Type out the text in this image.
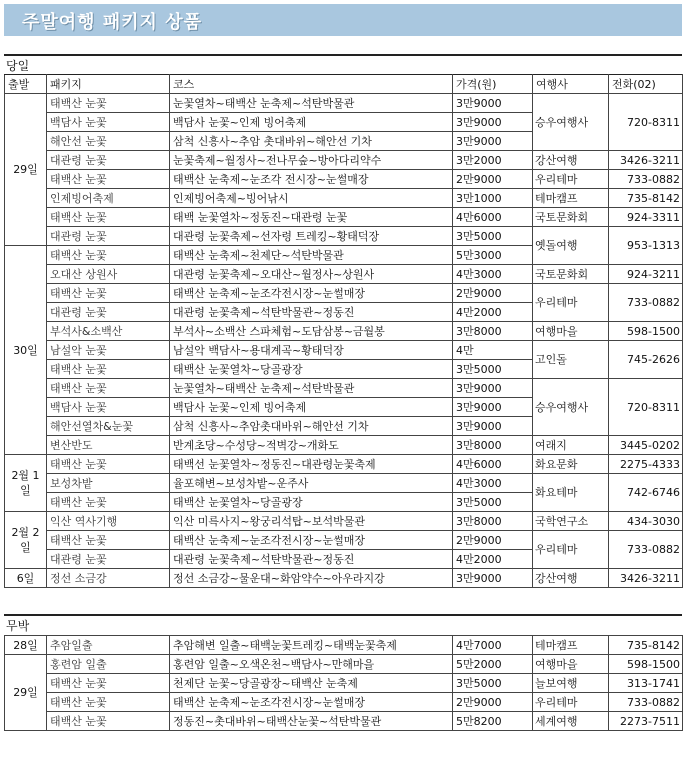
주말여행 패키지 상품
당일
출발	패키지	코스	가격(원)	여행사	전화(02)
29일	태백산 눈꽃	눈꽃열차~태백산 눈축제~석탄박물관	3만9000	승우여행사	720-8311
	백담사 눈꽃	백담사 눈꽃~인제 빙어축제	3만9000		
	해안선 눈꽃	삼척 신흥사~추암 촛대바위~해안선 기차	3만9000		
	대관령 눈꽃	눈꽃축제~월정사~전나무숲~방아다리약수	3만2000	강산여행	3426-3211
	태백산 눈꽃	태백산 눈축제~눈조각 전시장~눈썰매장	2만9000	우리테마	733-0882
	인제빙어축제	인제빙어축제~빙어낚시	3만1000	테마캠프	735-8142
	태백산 눈꽃	태백 눈꽃열차~정동진~대관령 눈꽃	4만6000	국토문화회	924-3311
	대관령 눈꽃	대관령 눈꽃축제~선자령 트레킹~황태덕장	3만5000	옛돌여행	953-1313
30일	태백산 눈꽃	태백산 눈축제~천제단~석탄박물관	5만3000		
	오대산 상원사	대관령 눈꽃축제~오대산~월정사~상원사	4만3000	국토문화회	924-3211
	태백산 눈꽃	태백산 눈축제~눈조각전시장~눈썰매장	2만9000	우리테마	733-0882
	대관령 눈꽃	대관령 눈꽃축제~석탄박물관~정동진	4만2000		
	부석사&소백산	부석사~소백산 스파체험~도담삼봉~금월봉	3만8000	여행마을	598-1500
	남설악 눈꽃	남설악 백담사~용대계곡~황태덕장	4만	고인돌	745-2626
	태백산 눈꽃	태백산 눈꽃열차~당골광장	3만5000		
	태백산 눈꽃	눈꽃열차~태백산 눈축제~석탄박물관	3만9000	승우여행사	720-8311
	백담사 눈꽃	백담사 눈꽃~인제 빙어축제	3만9000		
	해안선열차&눈꽃	삼척 신흥사~추암촛대바위~해안선 기차	3만9000		
	변산반도	반계초당~수성당~적벽강~개화도	3만8000	여래지	3445-0202
2월 1일	태백산 눈꽃	태백선 눈꽃열차~정동진~대관령눈꽃축제	4만6000	화요문화	2275-4333
	보성차밭	율포해변~보성차밭~운주사	4만3000	화요테마	742-6746
	태백산 눈꽃	태백산 눈꽃열차~당골광장	3만5000		
2월 2일	익산 역사기행	익산 미륵사지~왕궁리석탑~보석박물관	3만8000	국학연구소	434-3030
	태백산 눈꽃	태백산 눈축제~눈조각전시장~눈썰매장	2만9000	우리테마	733-0882
	대관령 눈꽃	대관령 눈꽃축제~석탄박물관~정동진	4만2000		
6일	정선 소금강	정선 소금강~물운대~화암약수~아우라지강	3만9000	강산여행	3426-3211
무박
28일	추암일출	추암해변 일출~태백눈꽃트레킹~태백눈꽃축제	4만7000	테마캠프	735-8142
29일	홍련암 일출	홍련암 일출~오색온천~백담사~만해마을	5만2000	여행마을	598-1500
	태백산 눈꽃	천제단 눈꽃~당골광장~태백산 눈축제	3만5000	늘보여행	313-1741
	태백산 눈꽃	태백산 눈축제~눈조각전시장~눈썰매장	2만9000	우리테마	733-0882
	태백산 눈꽃	정동진~촛대바위~태백산눈꽃~석탄박물관	5만8200	세계여행	2273-7511
